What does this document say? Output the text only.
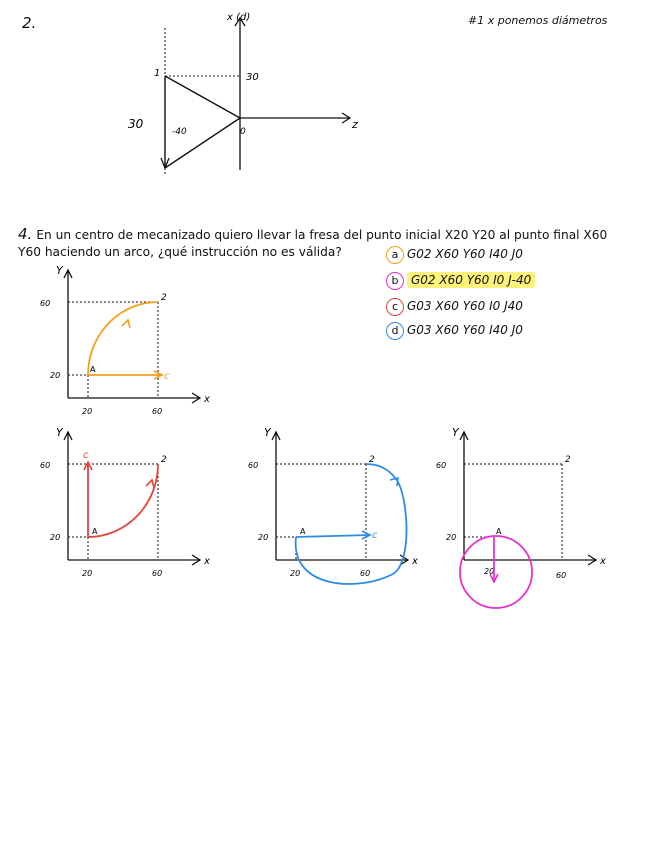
2.	#1 x ponemos diámetros
x (d)
z
1	30
30
-40	0
4. En un centro de mecanizado quiero llevar la fresa del punto inicial X20 Y20 al punto final X60 Y60 haciendo un arco, ¿qué instrucción no es válida?	a G02 X60 Y60 I40 J0
b G02 X60 Y60 I0 J-40
c G03 X60 Y60 I0 J40
d G03 X60 Y60 I40 J0
Y
x
60
20
20	60
A
2
c
Y
x
60
20
20	60
A
2
c
Y
x
60
20
20	60
A
2
c
Y
x
60
20
20	60
A
2
